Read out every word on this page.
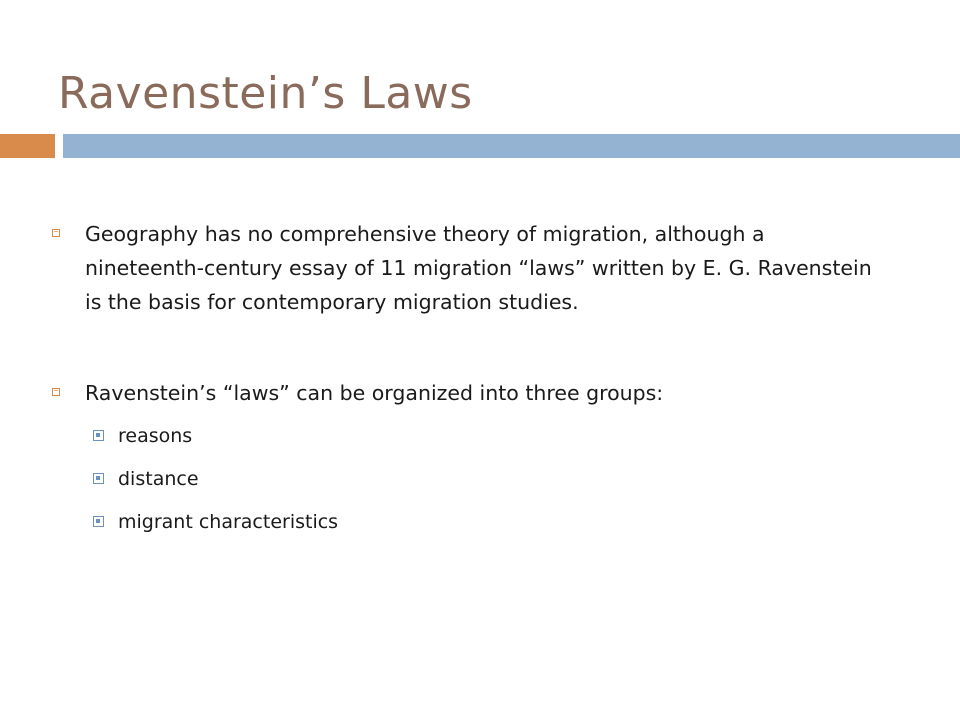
Ravenstein’s Laws
Geography has no comprehensive theory of migration, although a nineteenth-century essay of 11 migration “laws” written by E. G. Ravenstein is the basis for contemporary migration studies.
Ravenstein’s “laws” can be organized into three groups:
reasons
distance
migrant characteristics
